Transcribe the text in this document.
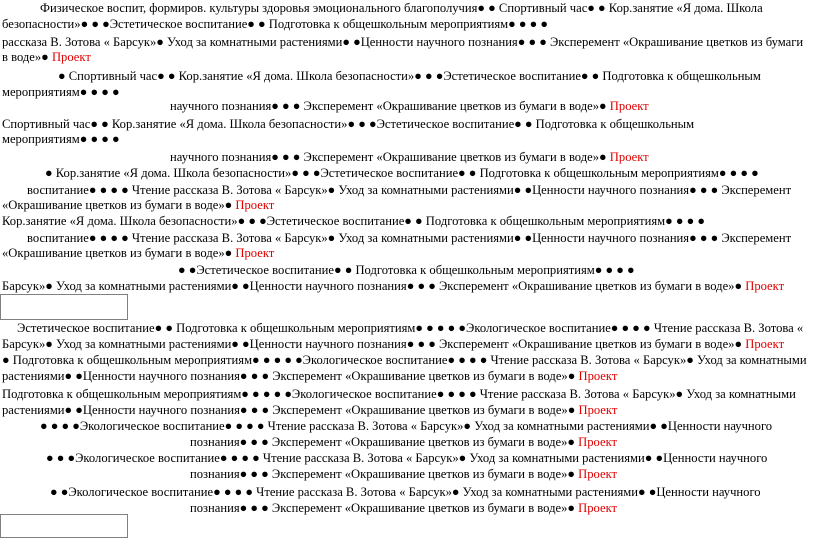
Физическое воспит, формиров. культуры здоровья эмоционального благополучия● ● Спортивный час● ● Кор.занятие «Я дома. Школа
безопасности»● ● ●Эстетическое воспитание● ● Подготовка к общешкольным мероприятиям● ● ● ●
рассказа В. Зотова « Барсук»● Уход за комнатными растениями● ●Ценности научного познания● ● ● Эксперемент «Окрашивание цветков из бумаги
в воде»● Проект
● Спортивный час● ● Кор.занятие «Я дома. Школа безопасности»● ● ●Эстетическое воспитание● ● Подготовка к общешкольным
мероприятиям● ● ● ●
научного познания● ● ● Эксперемент «Окрашивание цветков из бумаги в воде»● Проект
Спортивный час● ● Кор.занятие «Я дома. Школа безопасности»● ● ●Эстетическое воспитание● ● Подготовка к общешкольным
мероприятиям● ● ● ●
научного познания● ● ● Эксперемент «Окрашивание цветков из бумаги в воде»● Проект
● Кор.занятие «Я дома. Школа безопасности»● ● ●Эстетическое воспитание● ● Подготовка к общешкольным мероприятиям● ● ● ●
воспитание● ● ● ● Чтение рассказа В. Зотова « Барсук»● Уход за комнатными растениями● ●Ценности научного познания● ● ● Эксперемент
«Окрашивание цветков из бумаги в воде»● Проект
Кор.занятие «Я дома. Школа безопасности»● ● ●Эстетическое воспитание● ● Подготовка к общешкольным мероприятиям● ● ● ●
воспитание● ● ● ● Чтение рассказа В. Зотова « Барсук»● Уход за комнатными растениями● ●Ценности научного познания● ● ● Эксперемент
«Окрашивание цветков из бумаги в воде»● Проект
● ●Эстетическое воспитание● ● Подготовка к общешкольным мероприятиям● ● ● ●
Барсук»● Уход за комнатными растениями● ●Ценности научного познания● ● ● Эксперемент «Окрашивание цветков из бумаги в воде»● Проект
Эстетическое воспитание● ● Подготовка к общешкольным мероприятиям● ● ● ● ●Экологическое воспитание● ● ● ● Чтение рассказа В. Зотова «
Барсук»● Уход за комнатными растениями● ●Ценности научного познания● ● ● Эксперемент «Окрашивание цветков из бумаги в воде»● Проект
● Подготовка к общешкольным мероприятиям● ● ● ● ●Экологическое воспитание● ● ● ● Чтение рассказа В. Зотова « Барсук»● Уход за комнатными
растениями● ●Ценности научного познания● ● ● Эксперемент «Окрашивание цветков из бумаги в воде»● Проект
Подготовка к общешкольным мероприятиям● ● ● ● ●Экологическое воспитание● ● ● ● Чтение рассказа В. Зотова « Барсук»● Уход за комнатными
растениями● ●Ценности научного познания● ● ● Эксперемент «Окрашивание цветков из бумаги в воде»● Проект
● ● ● ●Экологическое воспитание● ● ● ● Чтение рассказа В. Зотова « Барсук»● Уход за комнатными растениями● ●Ценности научного
познания● ● ● Эксперемент «Окрашивание цветков из бумаги в воде»● Проект
● ● ●Экологическое воспитание● ● ● ● Чтение рассказа В. Зотова « Барсук»● Уход за комнатными растениями● ●Ценности научного
познания● ● ● Эксперемент «Окрашивание цветков из бумаги в воде»● Проект
● ●Экологическое воспитание● ● ● ● Чтение рассказа В. Зотова « Барсук»● Уход за комнатными растениями● ●Ценности научного
познания● ● ● Эксперемент «Окрашивание цветков из бумаги в воде»● Проект
